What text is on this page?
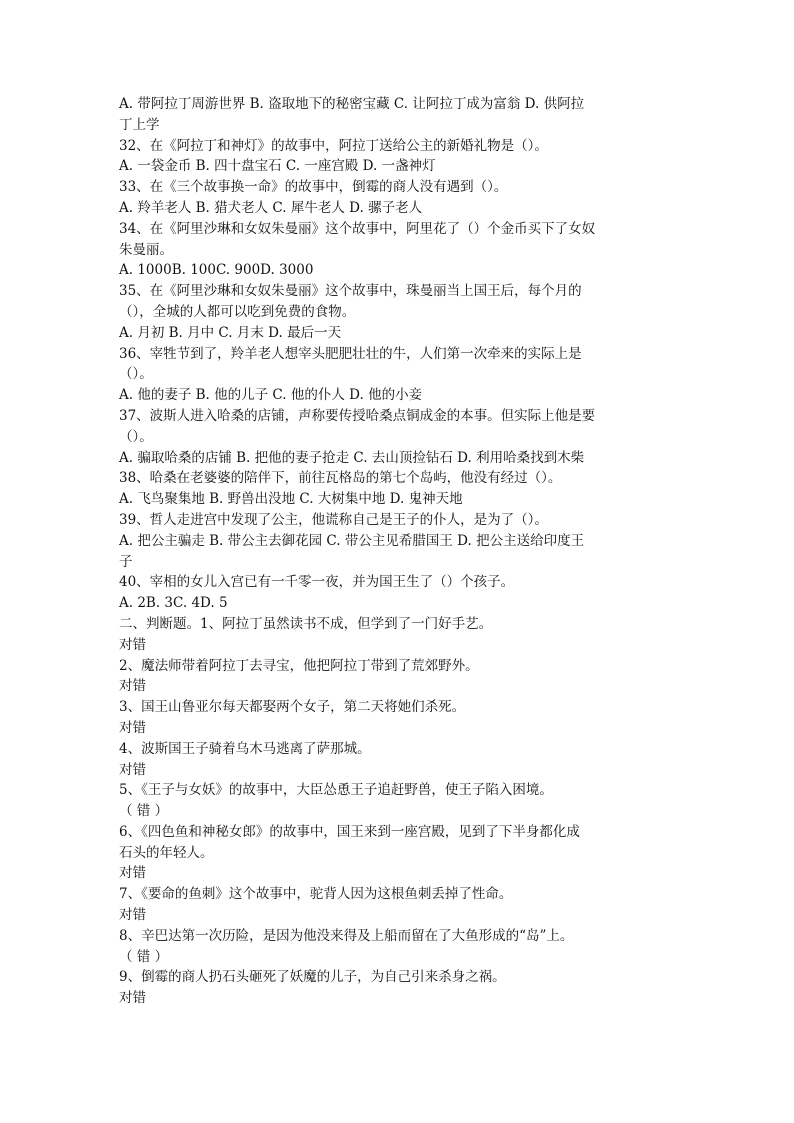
A. 带阿拉丁周游世界 B. 盗取地下的秘密宝藏 C. 让阿拉丁成为富翁 D. 供阿拉
丁上学
32、在《阿拉丁和神灯》的故事中，阿拉丁送给公主的新婚礼物是（）。
A. 一袋金币 B. 四十盘宝石 C. 一座宫殿 D. 一盏神灯
33、在《三个故事换一命》的故事中，倒霉的商人没有遇到（）。
A. 羚羊老人 B. 猎犬老人 C. 犀牛老人 D. 骡子老人
34、在《阿里沙琳和女奴朱曼丽》这个故事中，阿里花了（）个金币买下了女奴
朱曼丽。
A. 1000B. 100C. 900D. 3000
35、在《阿里沙琳和女奴朱曼丽》这个故事中，珠曼丽当上国王后，每个月的
（），全城的人都可以吃到免费的食物。
A. 月初 B. 月中 C. 月末 D. 最后一天
36、宰牲节到了，羚羊老人想宰头肥肥壮壮的牛，人们第一次牵来的实际上是
（）。
A. 他的妻子 B. 他的儿子 C. 他的仆人 D. 他的小妾
37、波斯人进入哈桑的店铺，声称要传授哈桑点铜成金的本事。但实际上他是要
（）。
A. 骗取哈桑的店铺 B. 把他的妻子抢走 C. 去山顶捡钻石 D. 利用哈桑找到木柴
38、哈桑在老婆婆的陪伴下，前往瓦格岛的第七个岛屿，他没有经过（）。
A. 飞鸟聚集地 B. 野兽出没地 C. 大树集中地 D. 鬼神天地
39、哲人走进宫中发现了公主，他谎称自己是王子的仆人，是为了（）。
A. 把公主骗走 B. 带公主去御花园 C. 带公主见希腊国王 D. 把公主送给印度王
子
40、宰相的女儿入宫已有一千零一夜，并为国王生了（）个孩子。
A. 2B. 3C. 4D. 5
二、判断题。1、阿拉丁虽然读书不成，但学到了一门好手艺。
对错
2、魔法师带着阿拉丁去寻宝，他把阿拉丁带到了荒郊野外。
对错
3、国王山鲁亚尔每天都娶两个女子，第二天将她们杀死。
对错
4、波斯国王子骑着乌木马逃离了萨那城。
对错
5、《王子与女妖》的故事中，大臣怂恿王子追赶野兽，使王子陷入困境。
（ 错 ）
6、《四色鱼和神秘女郎》的故事中，国王来到一座宫殿，见到了下半身都化成
石头的年轻人。
对错
7、《要命的鱼刺》这个故事中，驼背人因为这根鱼刺丢掉了性命。
对错
8、辛巴达第一次历险，是因为他没来得及上船而留在了大鱼形成的“岛”上。
（ 错 ）
9、倒霉的商人扔石头砸死了妖魔的儿子，为自己引来杀身之祸。
对错
